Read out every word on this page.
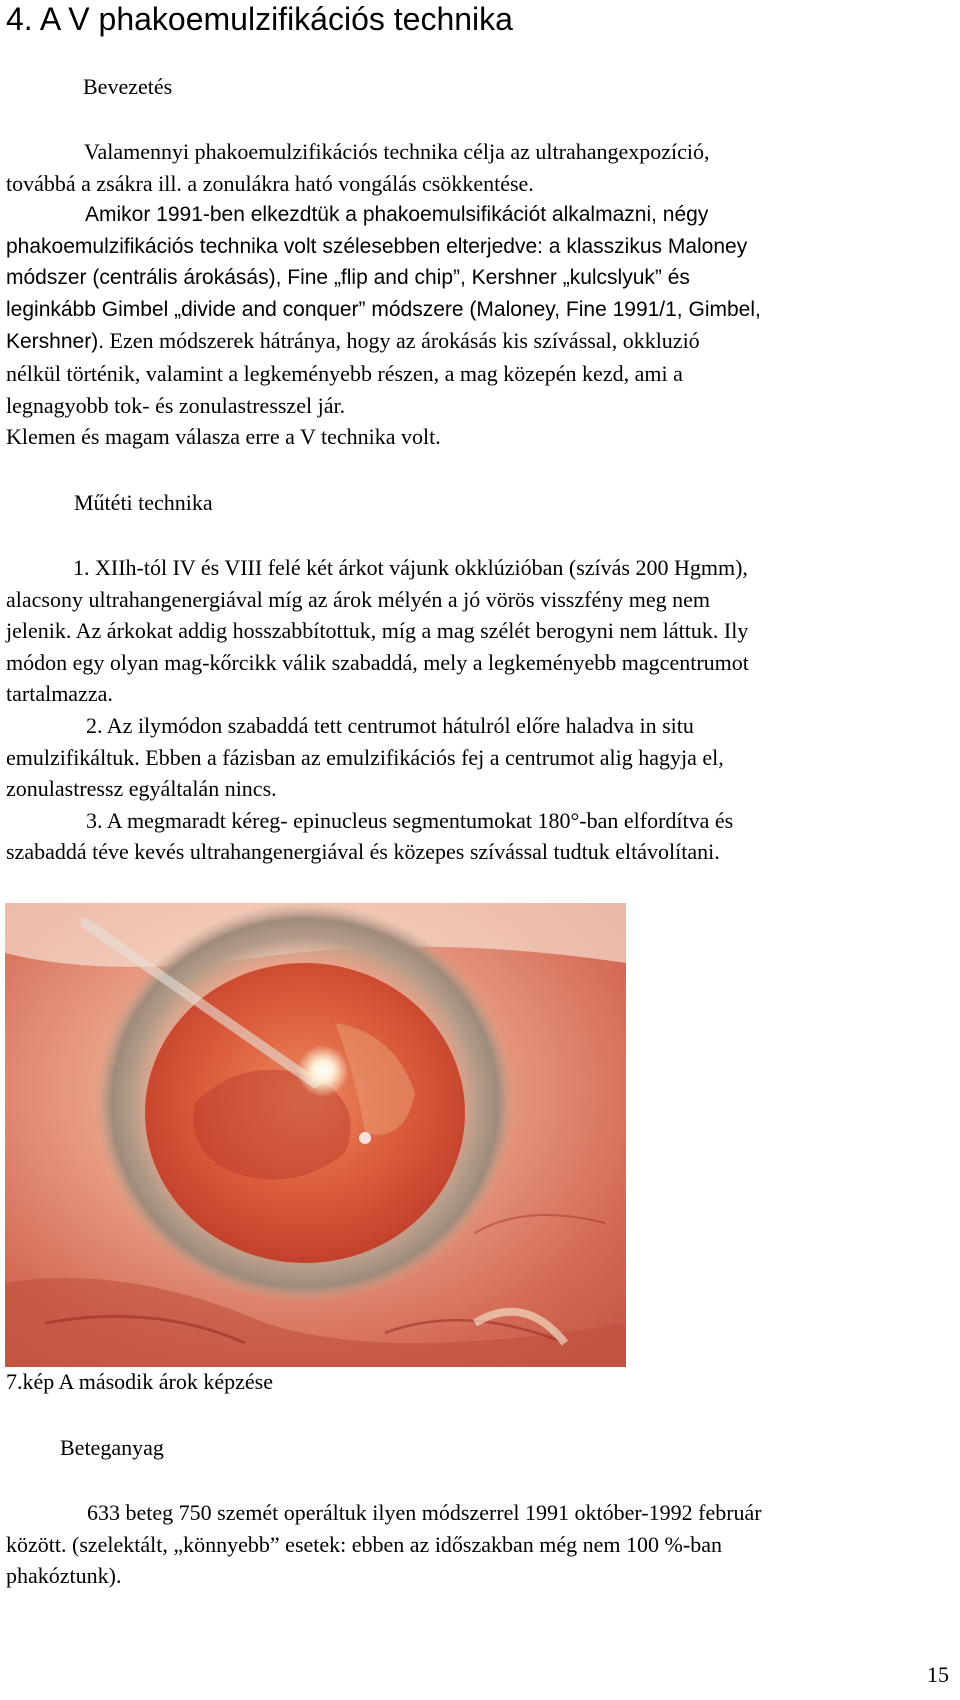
4. A V phakoemulzifikációs technika
Bevezetés
Valamennyi phakoemulzifikációs technika célja az ultrahangexpozíció,
továbbá a zsákra ill. a zonulákra ható vongálás csökkentése.
Amikor 1991-ben elkezdtük a phakoemulsifikációt alkalmazni, négy
phakoemulzifikációs technika volt szélesebben elterjedve: a klasszikus Maloney
módszer (centrális árokásás), Fine „flip and chip”, Kershner „kulcslyuk” és
leginkább Gimbel „divide and conquer” módszere (Maloney, Fine 1991/1, Gimbel,
Kershner). Ezen módszerek hátránya, hogy az árokásás kis szívással, okkluzió
nélkül történik, valamint a legkeményebb részen, a mag közepén kezd, ami a
legnagyobb tok- és zonulastresszel jár.
Klemen és magam válasza erre a V technika volt.
Műtéti technika
1. XIIh-tól IV és VIII felé két árkot vájunk okklúzióban (szívás 200 Hgmm),
alacsony ultrahangenergiával míg az árok mélyén a jó vörös visszfény meg nem
jelenik. Az árkokat addig hosszabbítottuk, míg a mag szélét berogyni nem láttuk. Ily
módon egy olyan mag-kőrcikk válik szabaddá, mely a legkeményebb magcentrumot
tartalmazza.
2. Az ilymódon szabaddá tett centrumot hátulról előre haladva in situ
emulzifikáltuk. Ebben a fázisban az emulzifikációs fej a centrumot alig hagyja el,
zonulastressz egyáltalán nincs.
3. A megmaradt kéreg- epinucleus segmentumokat 180°-ban elfordítva és
szabaddá téve kevés ultrahangenergiával és közepes szívással tudtuk eltávolítani.
7.kép A második árok képzése
Beteganyag
633 beteg 750 szemét operáltuk ilyen módszerrel 1991 október-1992 február
között. (szelektált, „könnyebb” esetek: ebben az időszakban még nem 100 %-ban
phakóztunk).
15
